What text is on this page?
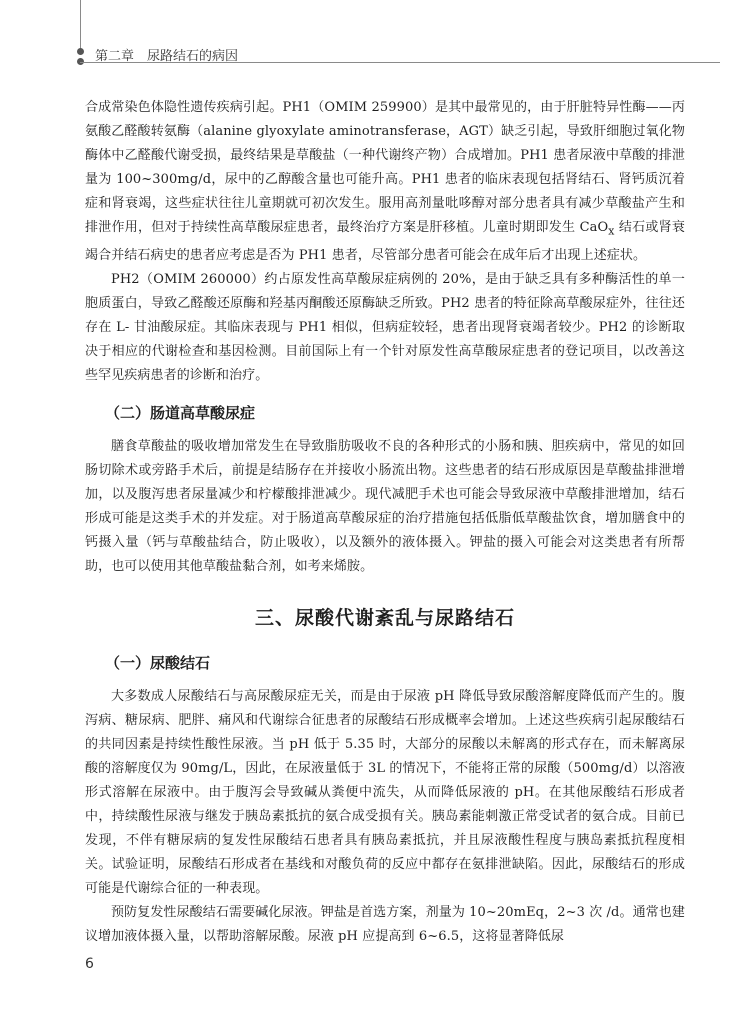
第二章　尿路结石的病因

合成常染色体隐性遗传疾病引起。PH1（OMIM 259900）是其中最常见的，由于肝脏特异性酶——丙氨酸乙醛酸转氨酶（alanine glyoxylate aminotransferase，AGT）缺乏引起，导致肝细胞过氧化物酶体中乙醛酸代谢受损，最终结果是草酸盐（一种代谢终产物）合成增加。PH1 患者尿液中草酸的排泄量为 100~300mg/d，尿中的乙醇酸含量也可能升高。PH1 患者的临床表现包括肾结石、肾钙质沉着症和肾衰竭，这些症状往往儿童期就可初次发生。服用高剂量吡哆醇对部分患者具有减少草酸盐产生和排泄作用，但对于持续性高草酸尿症患者，最终治疗方案是肝移植。儿童时期即发生 CaO$_x$ 结石或肾衰竭合并结石病史的患者应考虑是否为 PH1 患者，尽管部分患者可能会在成年后才出现上述症状。

PH2（OMIM 260000）约占原发性高草酸尿症病例的 20%，是由于缺乏具有多种酶活性的单一胞质蛋白，导致乙醛酸还原酶和羟基丙酮酸还原酶缺乏所致。PH2 患者的特征除高草酸尿症外，往往还存在 L- 甘油酸尿症。其临床表现与 PH1 相似，但病症较轻，患者出现肾衰竭者较少。PH2 的诊断取决于相应的代谢检查和基因检测。目前国际上有一个针对原发性高草酸尿症患者的登记项目，以改善这些罕见疾病患者的诊断和治疗。

（二）肠道高草酸尿症

膳食草酸盐的吸收增加常发生在导致脂肪吸收不良的各种形式的小肠和胰、胆疾病中，常见的如回肠切除术或旁路手术后，前提是结肠存在并接收小肠流出物。这些患者的结石形成原因是草酸盐排泄增加，以及腹泻患者尿量减少和柠檬酸排泄减少。现代减肥手术也可能会导致尿液中草酸排泄增加，结石形成可能是这类手术的并发症。对于肠道高草酸尿症的治疗措施包括低脂低草酸盐饮食，增加膳食中的钙摄入量（钙与草酸盐结合，防止吸收），以及额外的液体摄入。钾盐的摄入可能会对这类患者有所帮助，也可以使用其他草酸盐黏合剂，如考来烯胺。

三、尿酸代谢紊乱与尿路结石
（一）尿酸结石

大多数成人尿酸结石与高尿酸尿症无关，而是由于尿液 pH 降低导致尿酸溶解度降低而产生的。腹泻病、糖尿病、肥胖、痛风和代谢综合征患者的尿酸结石形成概率会增加。上述这些疾病引起尿酸结石的共同因素是持续性酸性尿液。当 pH 低于 5.35 时，大部分的尿酸以未解离的形式存在，而未解离尿酸的溶解度仅为 90mg/L，因此，在尿液量低于 3L 的情况下，不能将正常的尿酸（500mg/d）以溶液形式溶解在尿液中。由于腹泻会导致碱从粪便中流失，从而降低尿液的 pH。在其他尿酸结石形成者中，持续酸性尿液与继发于胰岛素抵抗的氨合成受损有关。胰岛素能刺激正常受试者的氨合成。目前已发现，不伴有糖尿病的复发性尿酸结石患者具有胰岛素抵抗，并且尿液酸性程度与胰岛素抵抗程度相关。试验证明，尿酸结石形成者在基线和对酸负荷的反应中都存在氨排泄缺陷。因此，尿酸结石的形成可能是代谢综合征的一种表现。

预防复发性尿酸结石需要碱化尿液。钾盐是首选方案，剂量为 10~20mEq，2~3 次 /d。通常也建议增加液体摄入量，以帮助溶解尿酸。尿液 pH 应提高到 6~6.5，这将显著降低尿

6
